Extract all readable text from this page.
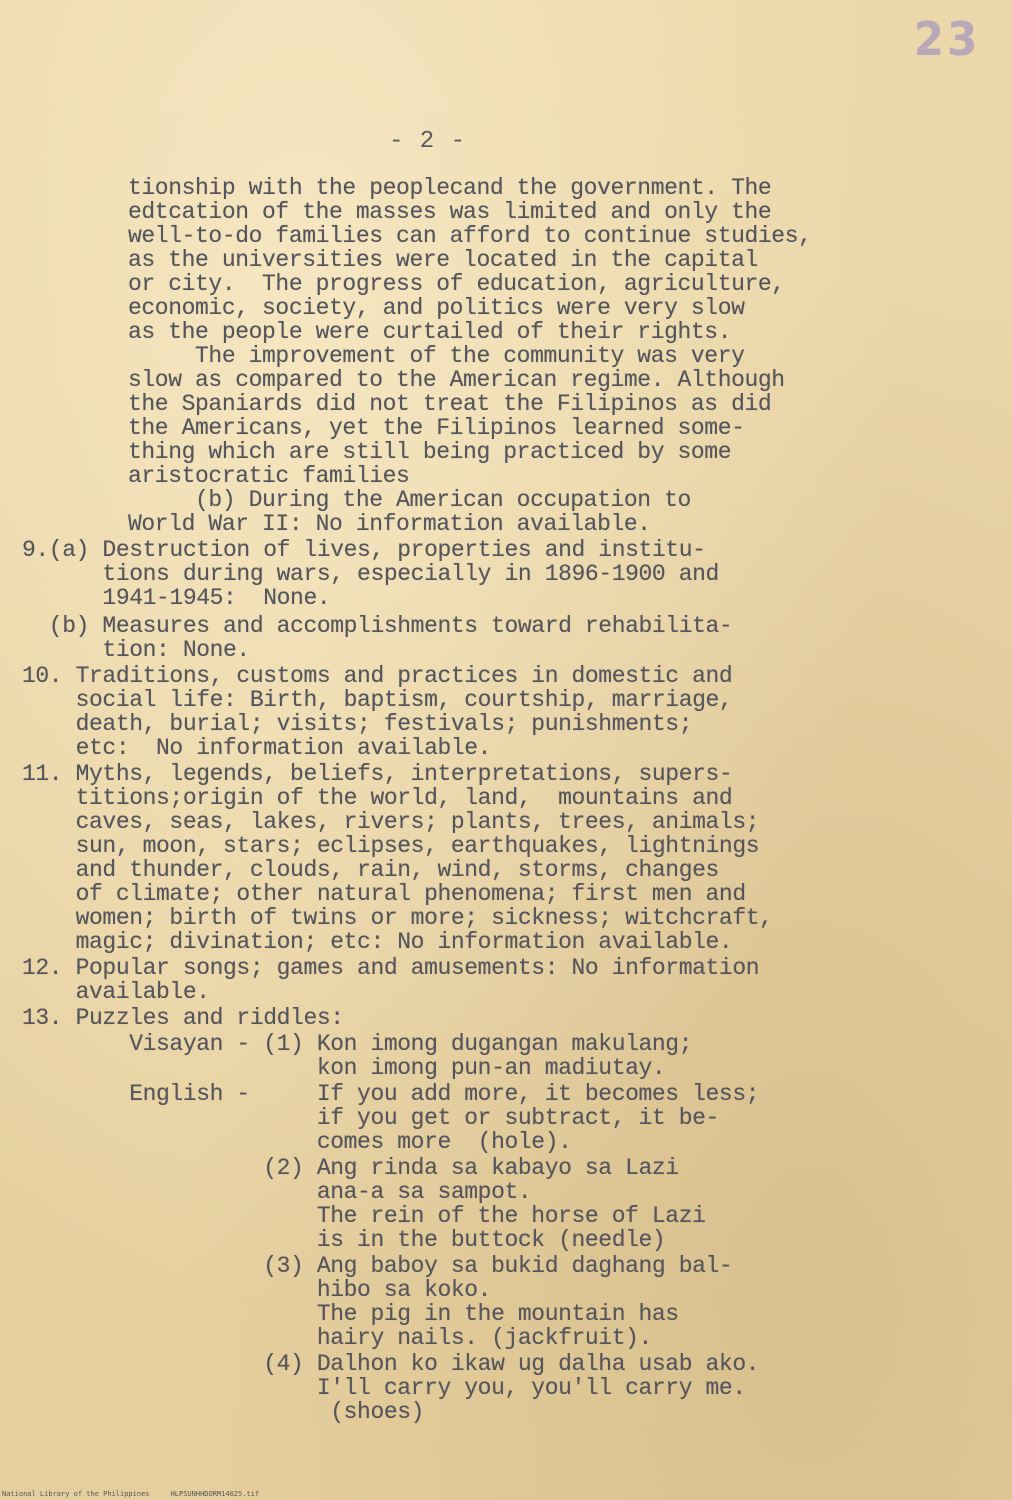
23
- 2 -
tionship with the peoplecand the government. The
edtcation of the masses was limited and only the
well-to-do families can afford to continue studies,
as the universities were located in the capital
or city.  The progress of education, agriculture,
economic, society, and politics were very slow
as the people were curtailed of their rights.
The improvement of the community was very
slow as compared to the American regime. Although
the Spaniards did not treat the Filipinos as did
the Americans, yet the Filipinos learned some-
thing which are still being practiced by some
aristocratic families
(b) During the American occupation to
World War II: No information available.
9.(a) Destruction of lives, properties and institu-
tions during wars, especially in 1896-1900 and
1941-1945:  None.
(b) Measures and accomplishments toward rehabilita-
tion: None.
10. Traditions, customs and practices in domestic and
social life: Birth, baptism, courtship, marriage,
death, burial; visits; festivals; punishments;
etc:  No information available.
11. Myths, legends, beliefs, interpretations, supers-
titions;origin of the world, land,  mountains and
caves, seas, lakes, rivers; plants, trees, animals;
sun, moon, stars; eclipses, earthquakes, lightnings
and thunder, clouds, rain, wind, storms, changes
of climate; other natural phenomena; first men and
women; birth of twins or more; sickness; witchcraft,
magic; divination; etc: No information available.
12. Popular songs; games and amusements: No information
available.
13. Puzzles and riddles:
Visayan - (1) Kon imong dugangan makulang;
kon imong pun-an madiutay.
English -     If you add more, it becomes less;
if you get or subtract, it be-
comes more  (hole).
(2) Ang rinda sa kabayo sa Lazi
ana-a sa sampot.
The rein of the horse of Lazi
is in the buttock (needle)
(3) Ang baboy sa bukid daghang bal-
hibo sa koko.
The pig in the mountain has
hairy nails. (jackfruit).
(4) Dalhon ko ikaw ug dalha usab ako.
I'll carry you, you'll carry me.
(shoes)
National Library of the Philippines     HLPSUNHHDORM14025.tif
